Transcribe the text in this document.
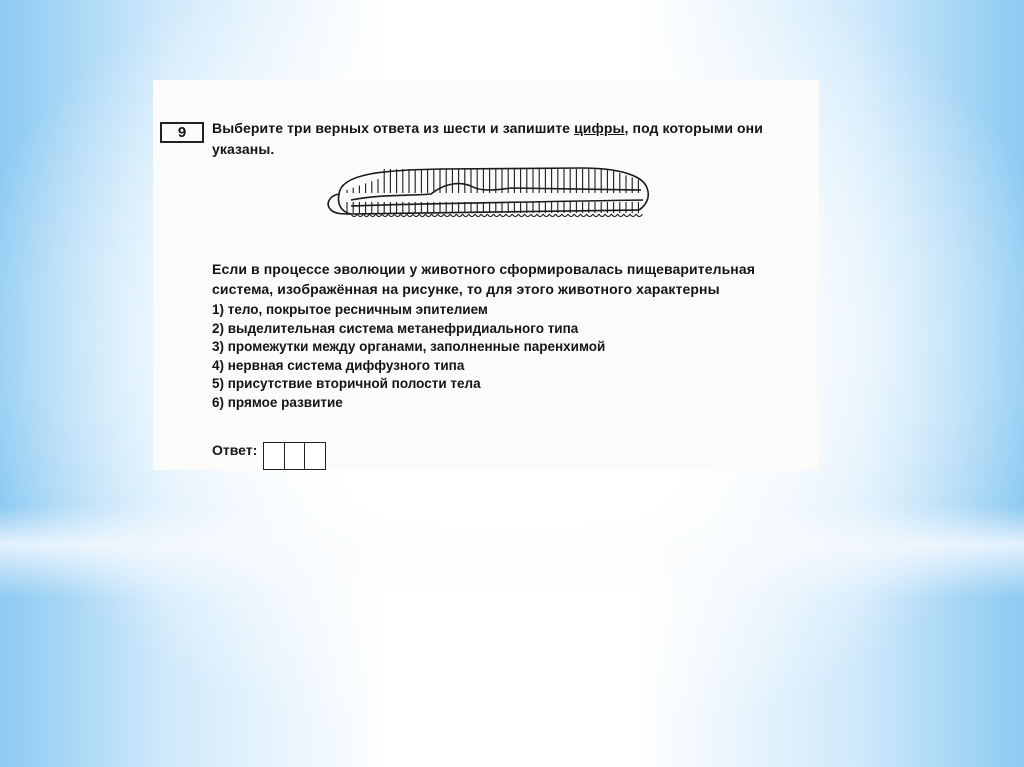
9	Выберите три верных ответа из шести и запишите цифры, под которыми они указаны.
Если в процессе эволюции у животного сформировалась пищеварительная
система, изображённая на рисунке, то для этого животного характерны
1) тело, покрытое ресничным эпителием
2) выделительная система метанефридиального типа
3) промежутки между органами, заполненные паренхимой
4) нервная система диффузного типа
5) присутствие вторичной полости тела
6) прямое развитие
Ответ:
